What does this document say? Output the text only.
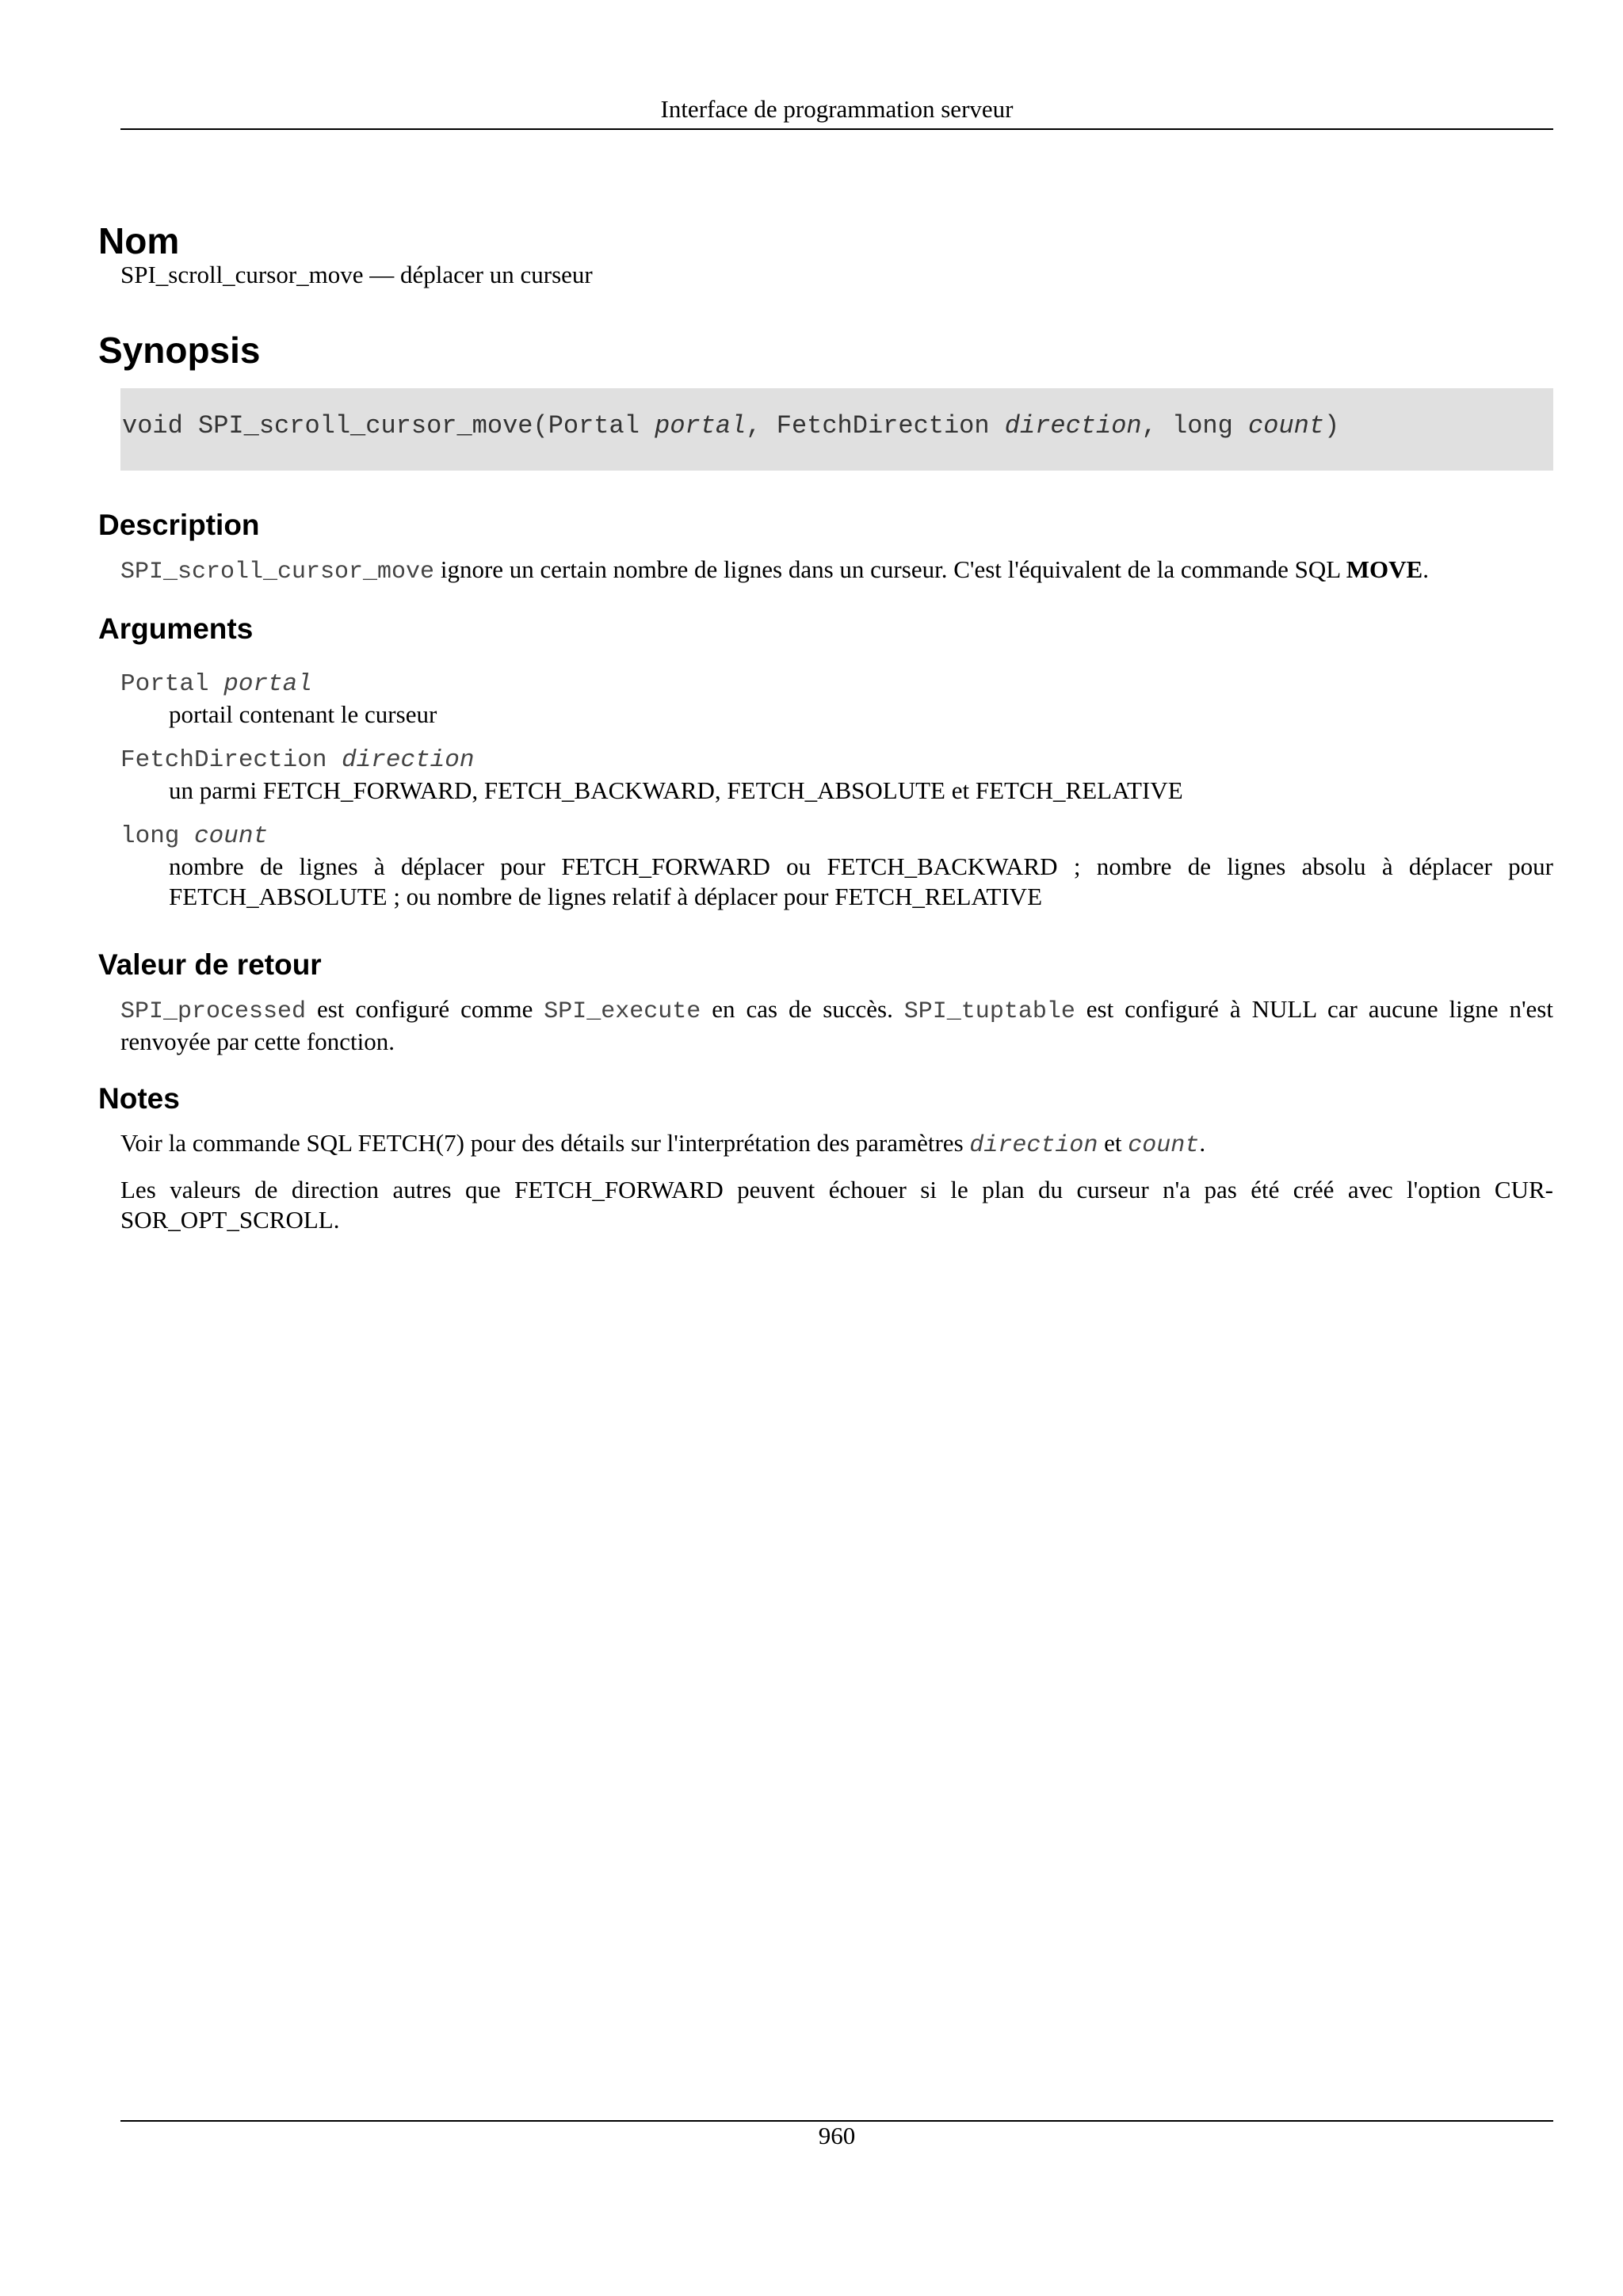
Interface de programmation serveur
Nom
SPI_scroll_cursor_move — déplacer un curseur
Synopsis
void SPI_scroll_cursor_move(Portal portal, FetchDirection direction, long count)
Description
SPI_scroll_cursor_move ignore un certain nombre de lignes dans un curseur. C'est l'équivalent de la commande SQL MOVE.
Arguments
Portal portal
portail contenant le curseur
FetchDirection direction
un parmi FETCH_FORWARD, FETCH_BACKWARD, FETCH_ABSOLUTE et FETCH_RELATIVE
long count
nombre de lignes à déplacer pour FETCH_FORWARD ou FETCH_BACKWARD ; nombre de lignes absolu à déplacer pour FETCH_ABSOLUTE ; ou nombre de lignes relatif à déplacer pour FETCH_RELATIVE
Valeur de retour
SPI_processed est configuré comme SPI_execute en cas de succès. SPI_tuptable est configuré à NULL car aucune ligne n'est renvoyée par cette fonction.
Notes
Voir la commande SQL FETCH(7) pour des détails sur l'interprétation des paramètres direction et count.
Les valeurs de direction autres que FETCH_FORWARD peuvent échouer si le plan du curseur n'a pas été créé avec l'option CUR-SOR_OPT_SCROLL.
960
